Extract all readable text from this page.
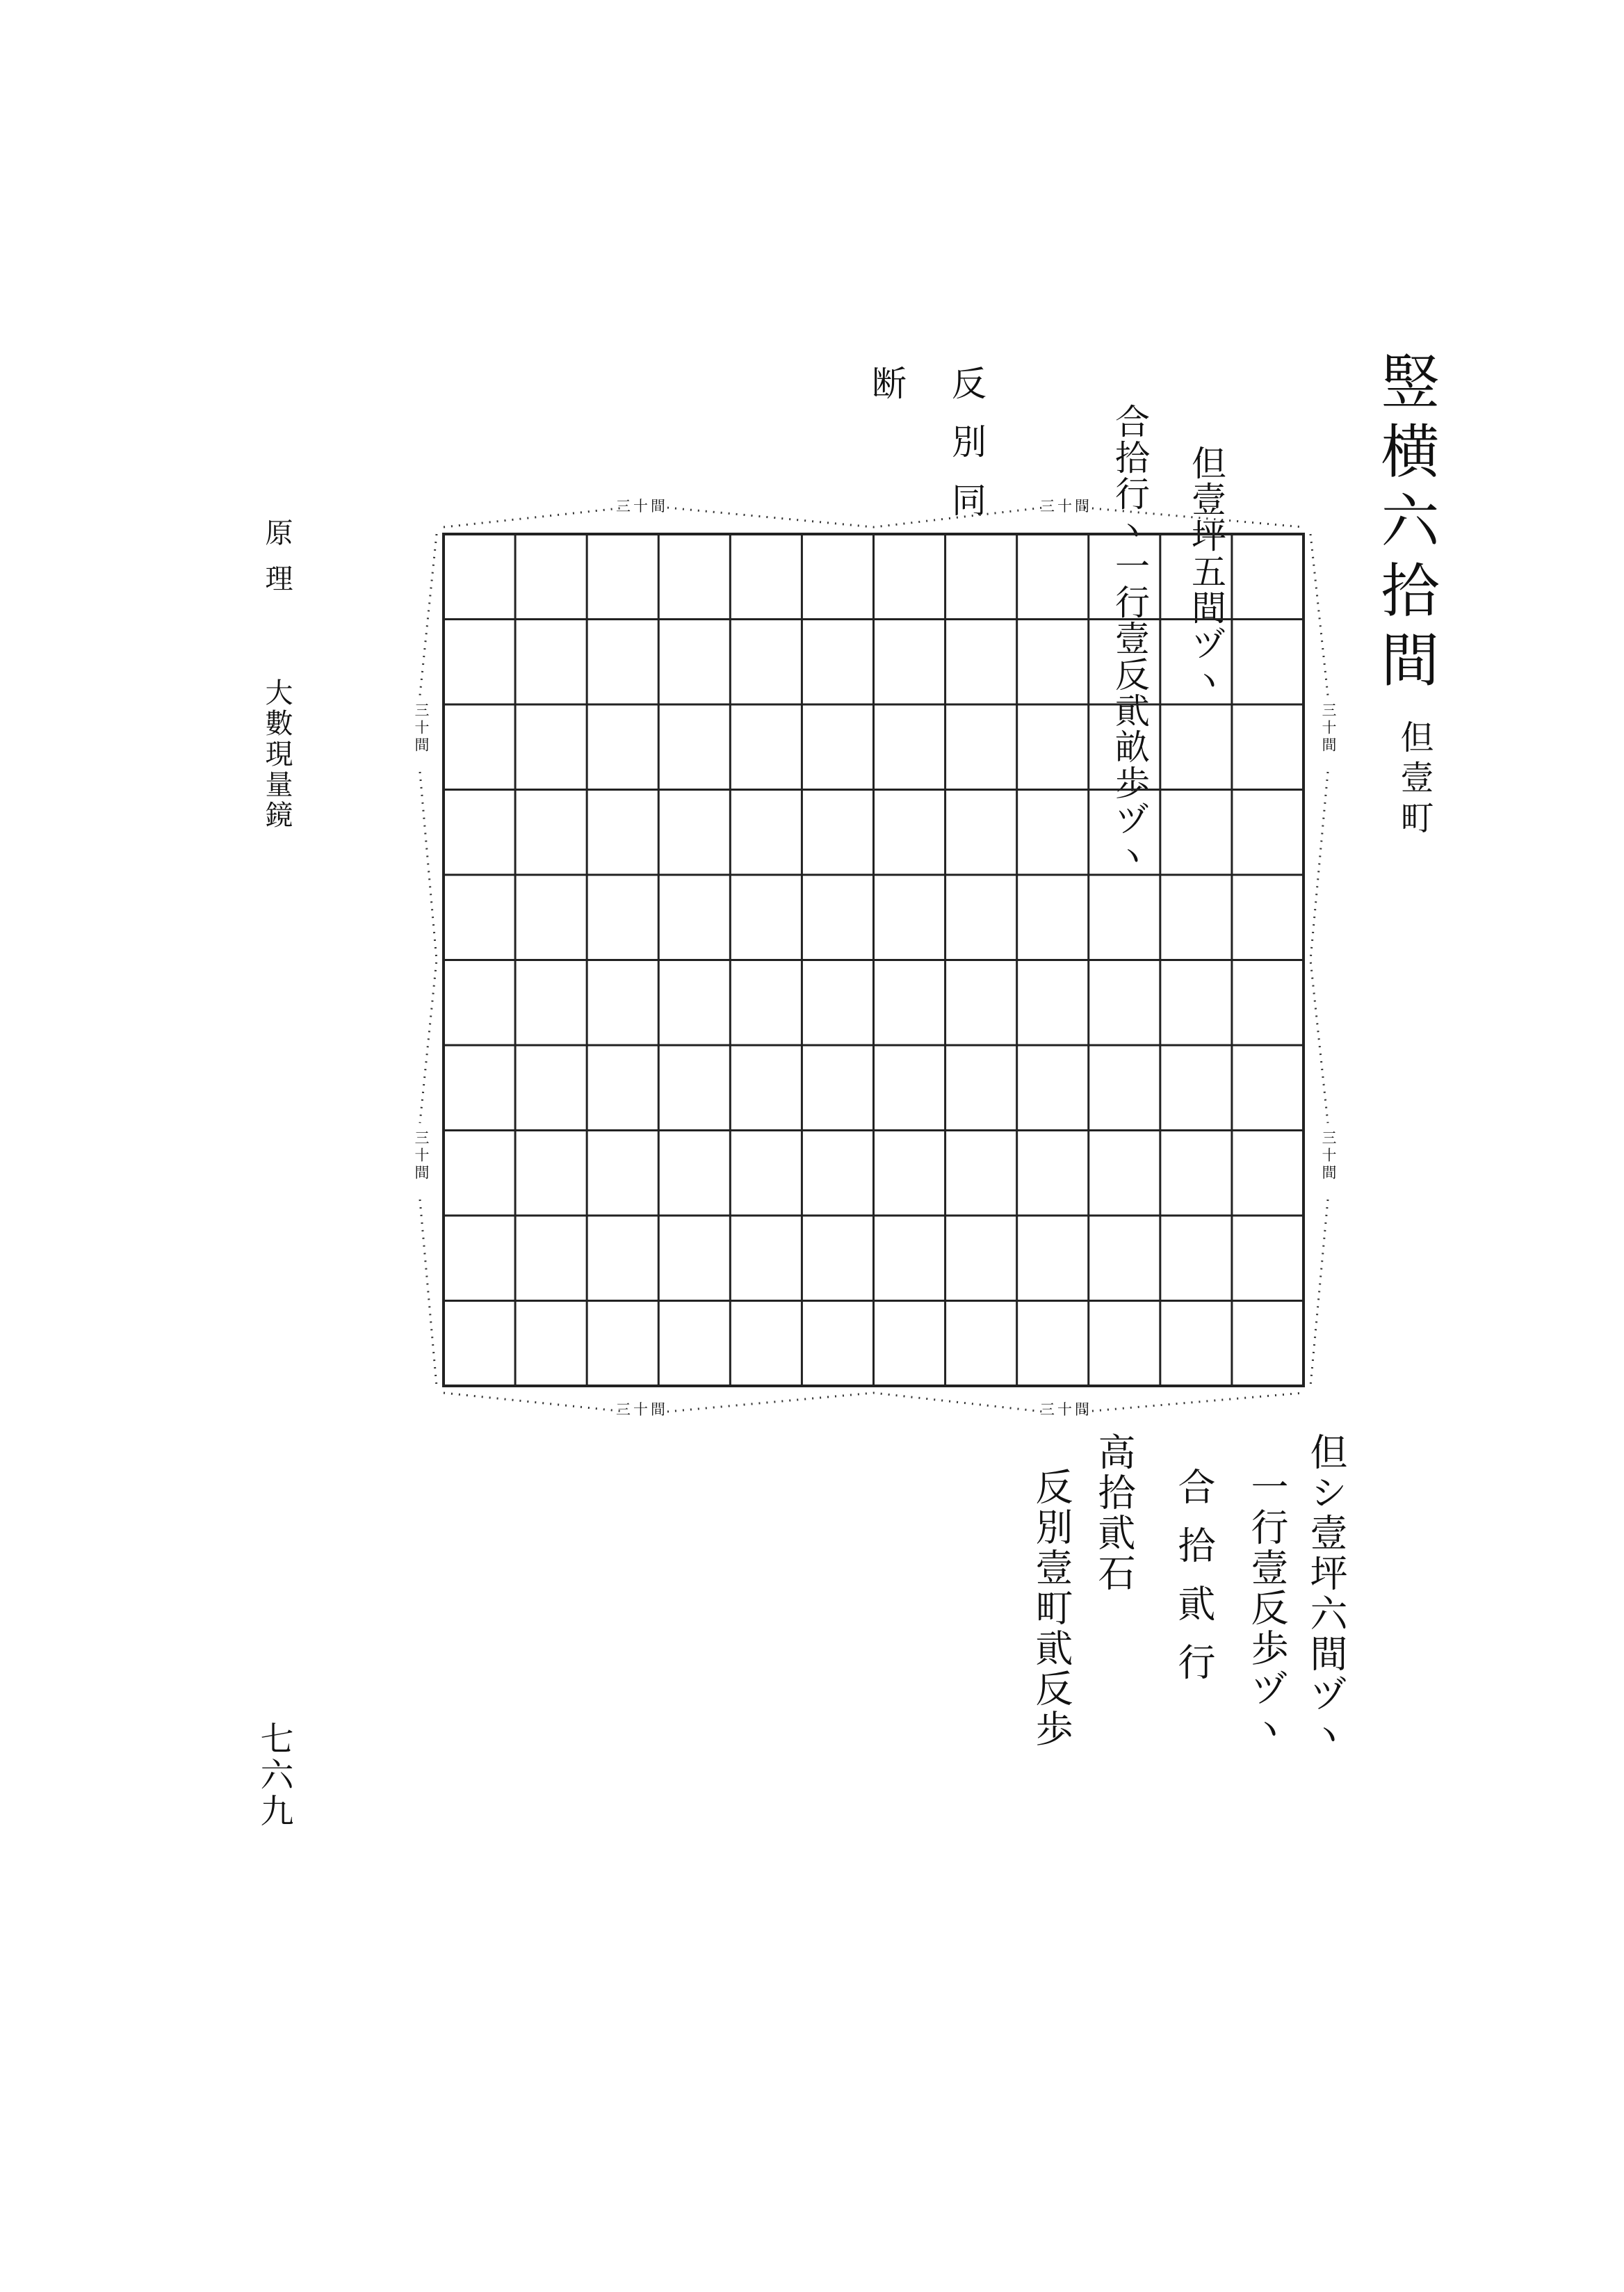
竪横六拾間
但壹町
但壹坪五間ヅヽ
合拾行ヽ一行壹反貮畝歩ヅヽ
反別同
断
三十間	三十間
三十間	三十間
三十間
三十間
三十間
三十間
但シ壹坪六間ヅヽ
一行壹反歩ヅヽ
合拾貮行
高拾貮石
反別壹町貮反歩
原理
大數現量鏡
七六九
